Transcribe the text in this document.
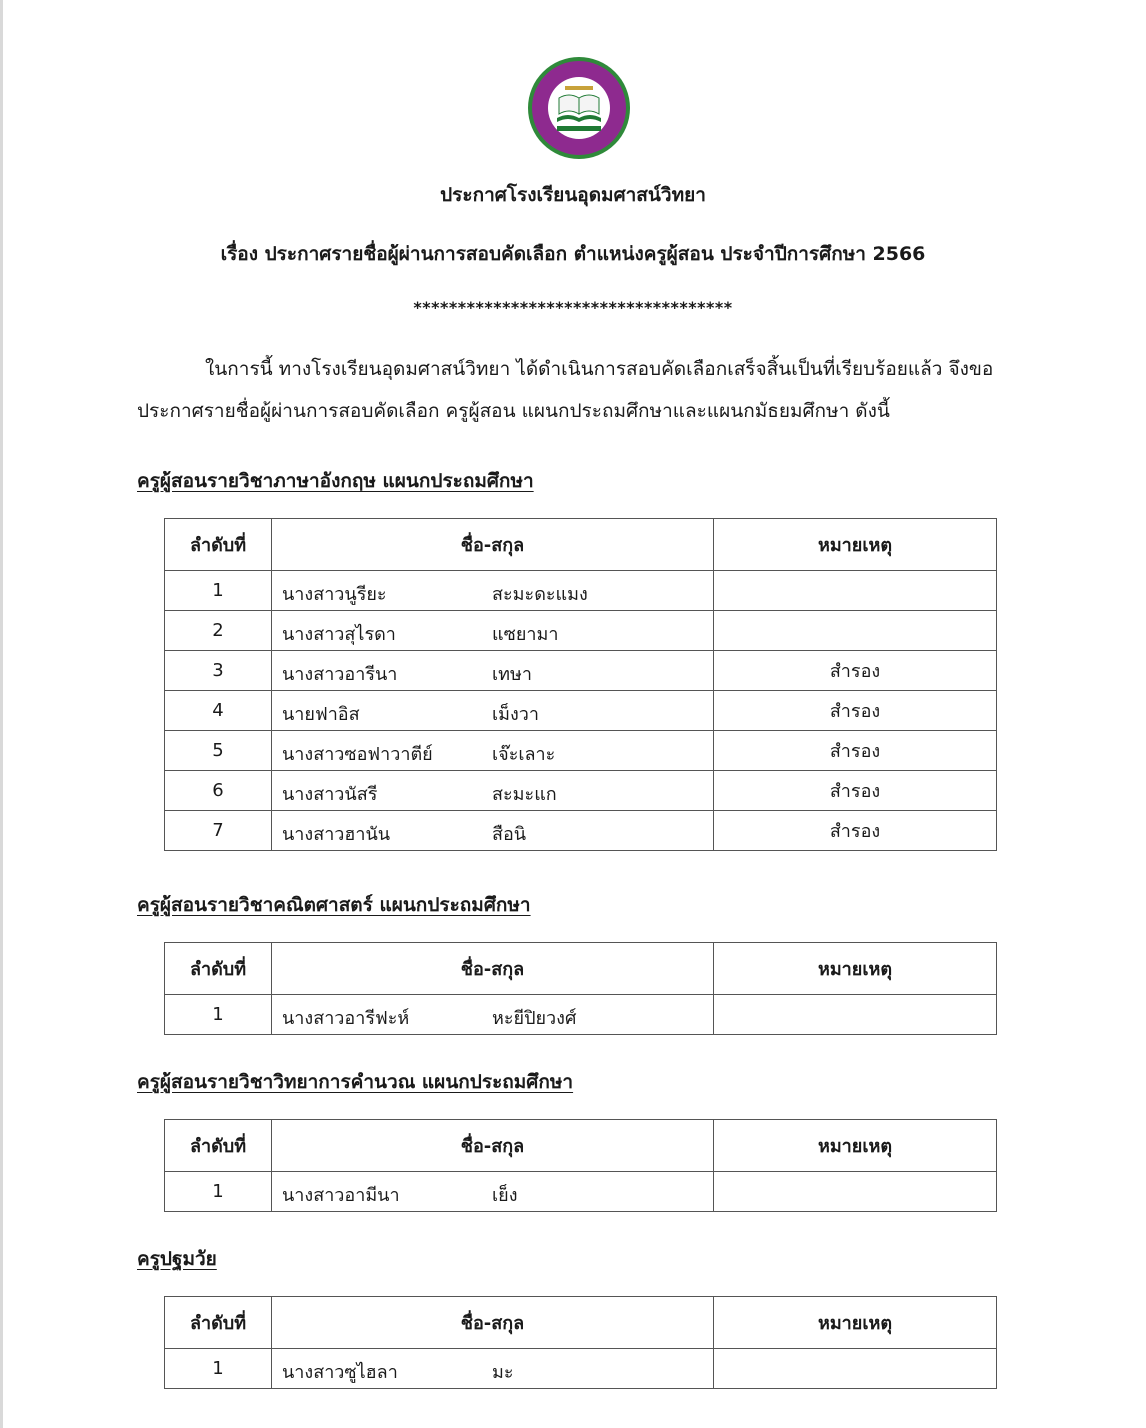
ประกาศโรงเรียนอุดมศาสน์วิทยา
เรื่อง ประกาศรายชื่อผู้ผ่านการสอบคัดเลือก ตำแหน่งครูผู้สอน ประจำปีการศึกษา 2566
************************************
ในการนี้ ทางโรงเรียนอุดมศาสน์วิทยา ได้ดำเนินการสอบคัดเลือกเสร็จสิ้นเป็นที่เรียบร้อยแล้ว จึงขอ
ประกาศรายชื่อผู้ผ่านการสอบคัดเลือก ครูผู้สอน แผนกประถมศึกษาและแผนกมัธยมศึกษา ดังนี้
ครูผู้สอนรายวิชาภาษาอังกฤษ แผนกประถมศึกษา
ลำดับที่	ชื่อ-สกุล	หมายเหตุ
1	นางสาวนูรียะ สะมะดะแมง	

2	นางสาวสุไรดา แซยามา	

3	นางสาวอารีนา เทษา	สำรอง
4	นายฟาอิส เม็งวา	สำรอง
5	นางสาวซอฟาวาตีย์ เจ๊ะเลาะ	สำรอง
6	นางสาวนัสรี สะมะแก	สำรอง
7	นางสาวฮานัน สือนิ	สำรอง
ครูผู้สอนรายวิชาคณิตศาสตร์ แผนกประถมศึกษา
ลำดับที่	ชื่อ-สกุล	หมายเหตุ
1	นางสาวอารีฟะห์ หะยีปิยวงศ์	

ครูผู้สอนรายวิชาวิทยาการคำนวณ แผนกประถมศึกษา
ลำดับที่	ชื่อ-สกุล	หมายเหตุ
1	นางสาวอามีนา เย็ง	

ครูปฐมวัย
ลำดับที่	ชื่อ-สกุล	หมายเหตุ
1	นางสาวซูไฮลา มะ	
